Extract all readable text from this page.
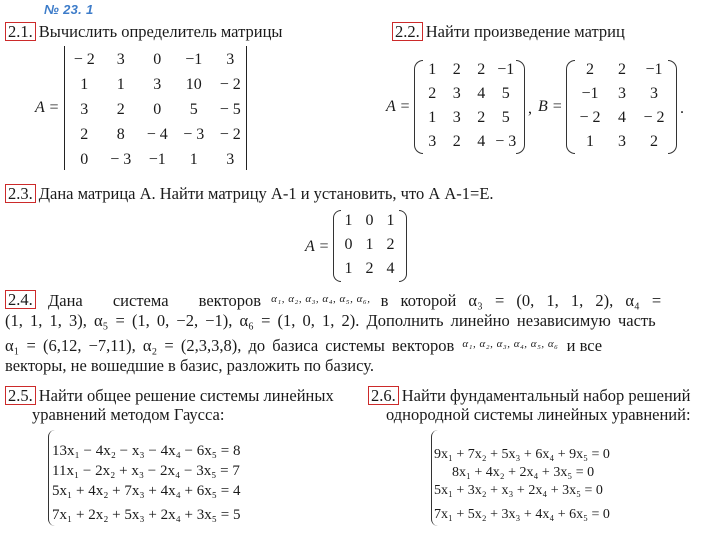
№ 23. 1
2.1. Вычислить определитель матрицы
A =
− 2	3	0	−1	3
1	1	3	10	− 2
3	2	0	5	− 5
2	8	− 4	− 3	− 2
0	− 3	−1	1	3
2.2. Найти произведение матриц
A =
1	2	2	−1
2	3	4	5
1	3	2	5
3	2	4	− 3
, B =
2	2	−1
−1	3	3
− 2	4	− 2
1	3	2
.
2.3. Дана матрица А. Найти матрицу А-1 и установить, что А А-1=Е.
A =
1	0	1
0	1	2
1	2	4
2.4. Дана система векторов $^{\alpha_1, \alpha_2, \alpha_3, \alpha_4, \alpha_5, \alpha_6,}$ в которой α₃ = (0, 1, 1, 2), α₄ =
(1, 1, 1, 3), α₅ = (1, 0, −2, −1), α₆ = (1, 0, 1, 2). Дополнить линейно независимую часть
α₁ = (6,12, −7,11), α₂ = (2,3,3,8), до базиса системы векторов $^{\alpha_1, \alpha_2, \alpha_3, \alpha_4, \alpha_5, \alpha_6}$ и все
векторы, не вошедшие в базис, разложить по базису.
2.5. Найти общее решение системы линейных
уравнений методом Гаусса:
13x₁ − 4x₂ − x₃ − 4x₄ − 6x₅ = 8
11x₁ − 2x₂ + x₃ − 2x₄ − 3x₅ = 7
5x₁ + 4x₂ + 7x₃ + 4x₄ + 6x₅ = 4
7x₁ + 2x₂ + 5x₃ + 2x₄ + 3x₅ = 5
2.6. Найти фундаментальный набор решений
однородной системы линейных уравнений:
9x₁ + 7x₂ + 5x₃ + 6x₄ + 9x₅ = 0
8x₁ + 4x₂ + 2x₄ + 3x₅ = 0
5x₁ + 3x₂ + x₃ + 2x₄ + 3x₅ = 0
7x₁ + 5x₂ + 3x₃ + 4x₄ + 6x₅ = 0
